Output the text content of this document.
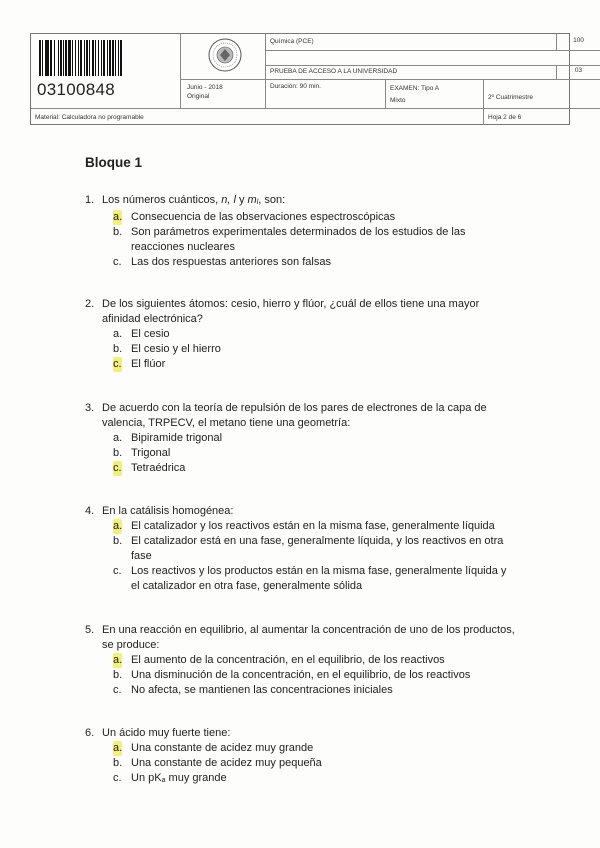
03100848	Junio - 2018
Original
Química (PCE)	100
PRUEBA DE ACCESO A LA UNIVERSIDAD	03
Duración: 90 min.	EXAMEN: Tipo A
Mixto	2º Cuatrimestre
Material: Calculadora no programable	Hoja 2 de 6
Bloque 1
1. Los números cuánticos, n, l y ml, son:
a. Consecuencia de las observaciones espectroscópicas
b. Son parámetros experimentales determinados de los estudios de las reacciones nucleares
c. Las dos respuestas anteriores son falsas
2. De los siguientes átomos: cesio, hierro y flúor, ¿cuál de ellos tiene una mayor afinidad electrónica?
a. El cesio
b. El cesio y el hierro
c. El flúor
3. De acuerdo con la teoría de repulsión de los pares de electrones de la capa de valencia, TRPECV, el metano tiene una geometría:
a. Bipiramide trigonal
b. Trigonal
c. Tetraédrica
4. En la catálisis homogénea:
a. El catalizador y los reactivos están en la misma fase, generalmente líquida
b. El catalizador está en una fase, generalmente líquida, y los reactivos en otra fase
c. Los reactivos y los productos están en la misma fase, generalmente líquida y el catalizador en otra fase, generalmente sólida
5. En una reacción en equilibrio, al aumentar la concentración de uno de los productos, se produce:
a. El aumento de la concentración, en el equilibrio, de los reactivos
b. Una disminución de la concentración, en el equilibrio, de los reactivos
c. No afecta, se mantienen las concentraciones iniciales
6. Un ácido muy fuerte tiene:
a. Una constante de acidez muy grande
b. Una constante de acidez muy pequeña
c. Un pKa muy grande
